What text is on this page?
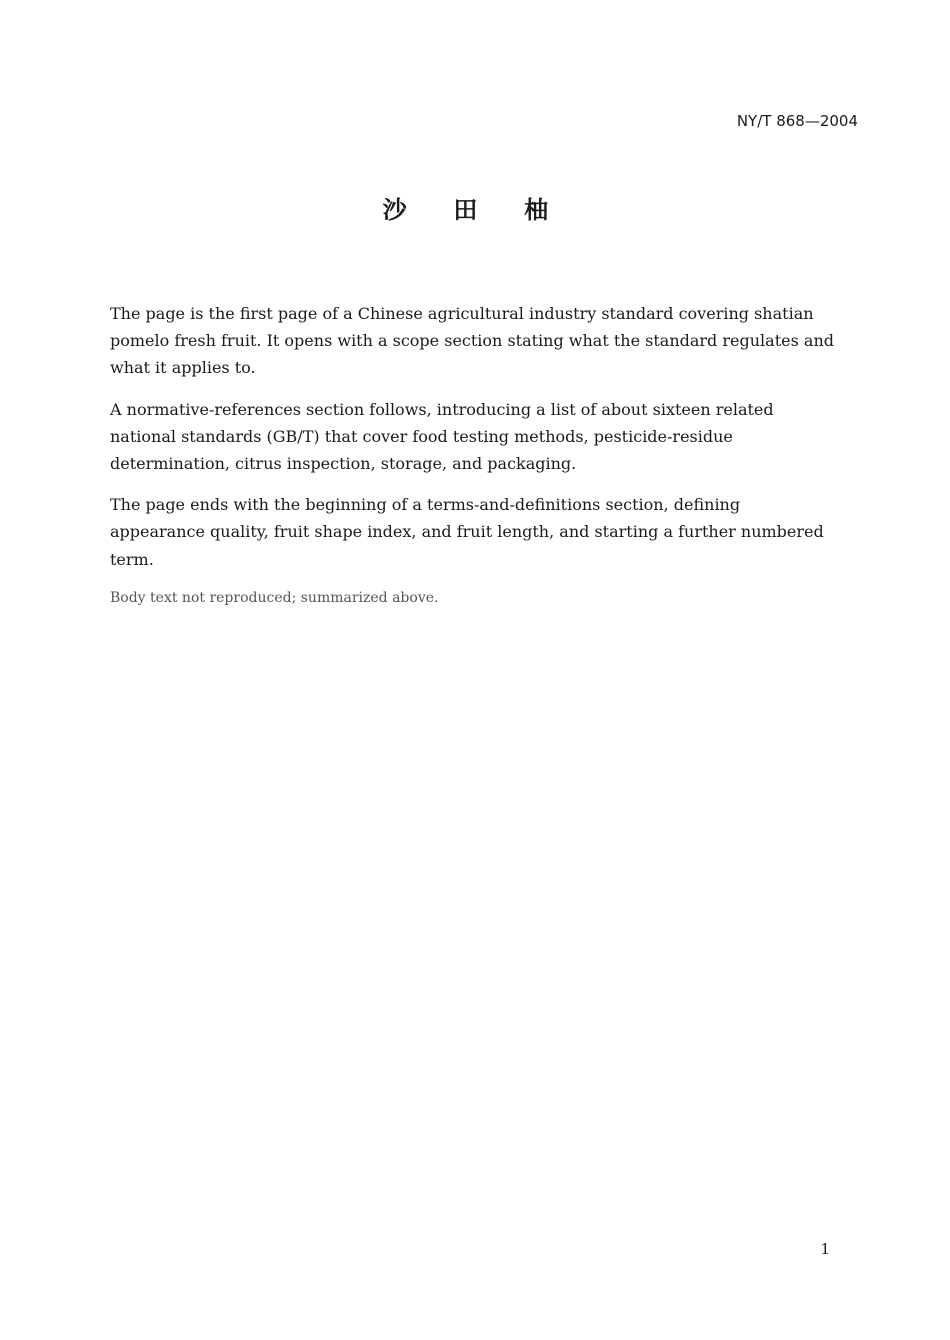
NY/T 868—2004
沙 田 柚

The page is the first page of a Chinese agricultural industry standard covering shatian pomelo fresh fruit. It opens with a scope section stating what the standard regulates and what it applies to.

A normative-references section follows, introducing a list of about sixteen related national standards (GB/T) that cover food testing methods, pesticide-residue determination, citrus inspection, storage, and packaging.

The page ends with the beginning of a terms-and-definitions section, defining appearance quality, fruit shape index, and fruit length, and starting a further numbered term.

Body text not reproduced; summarized above.

1
